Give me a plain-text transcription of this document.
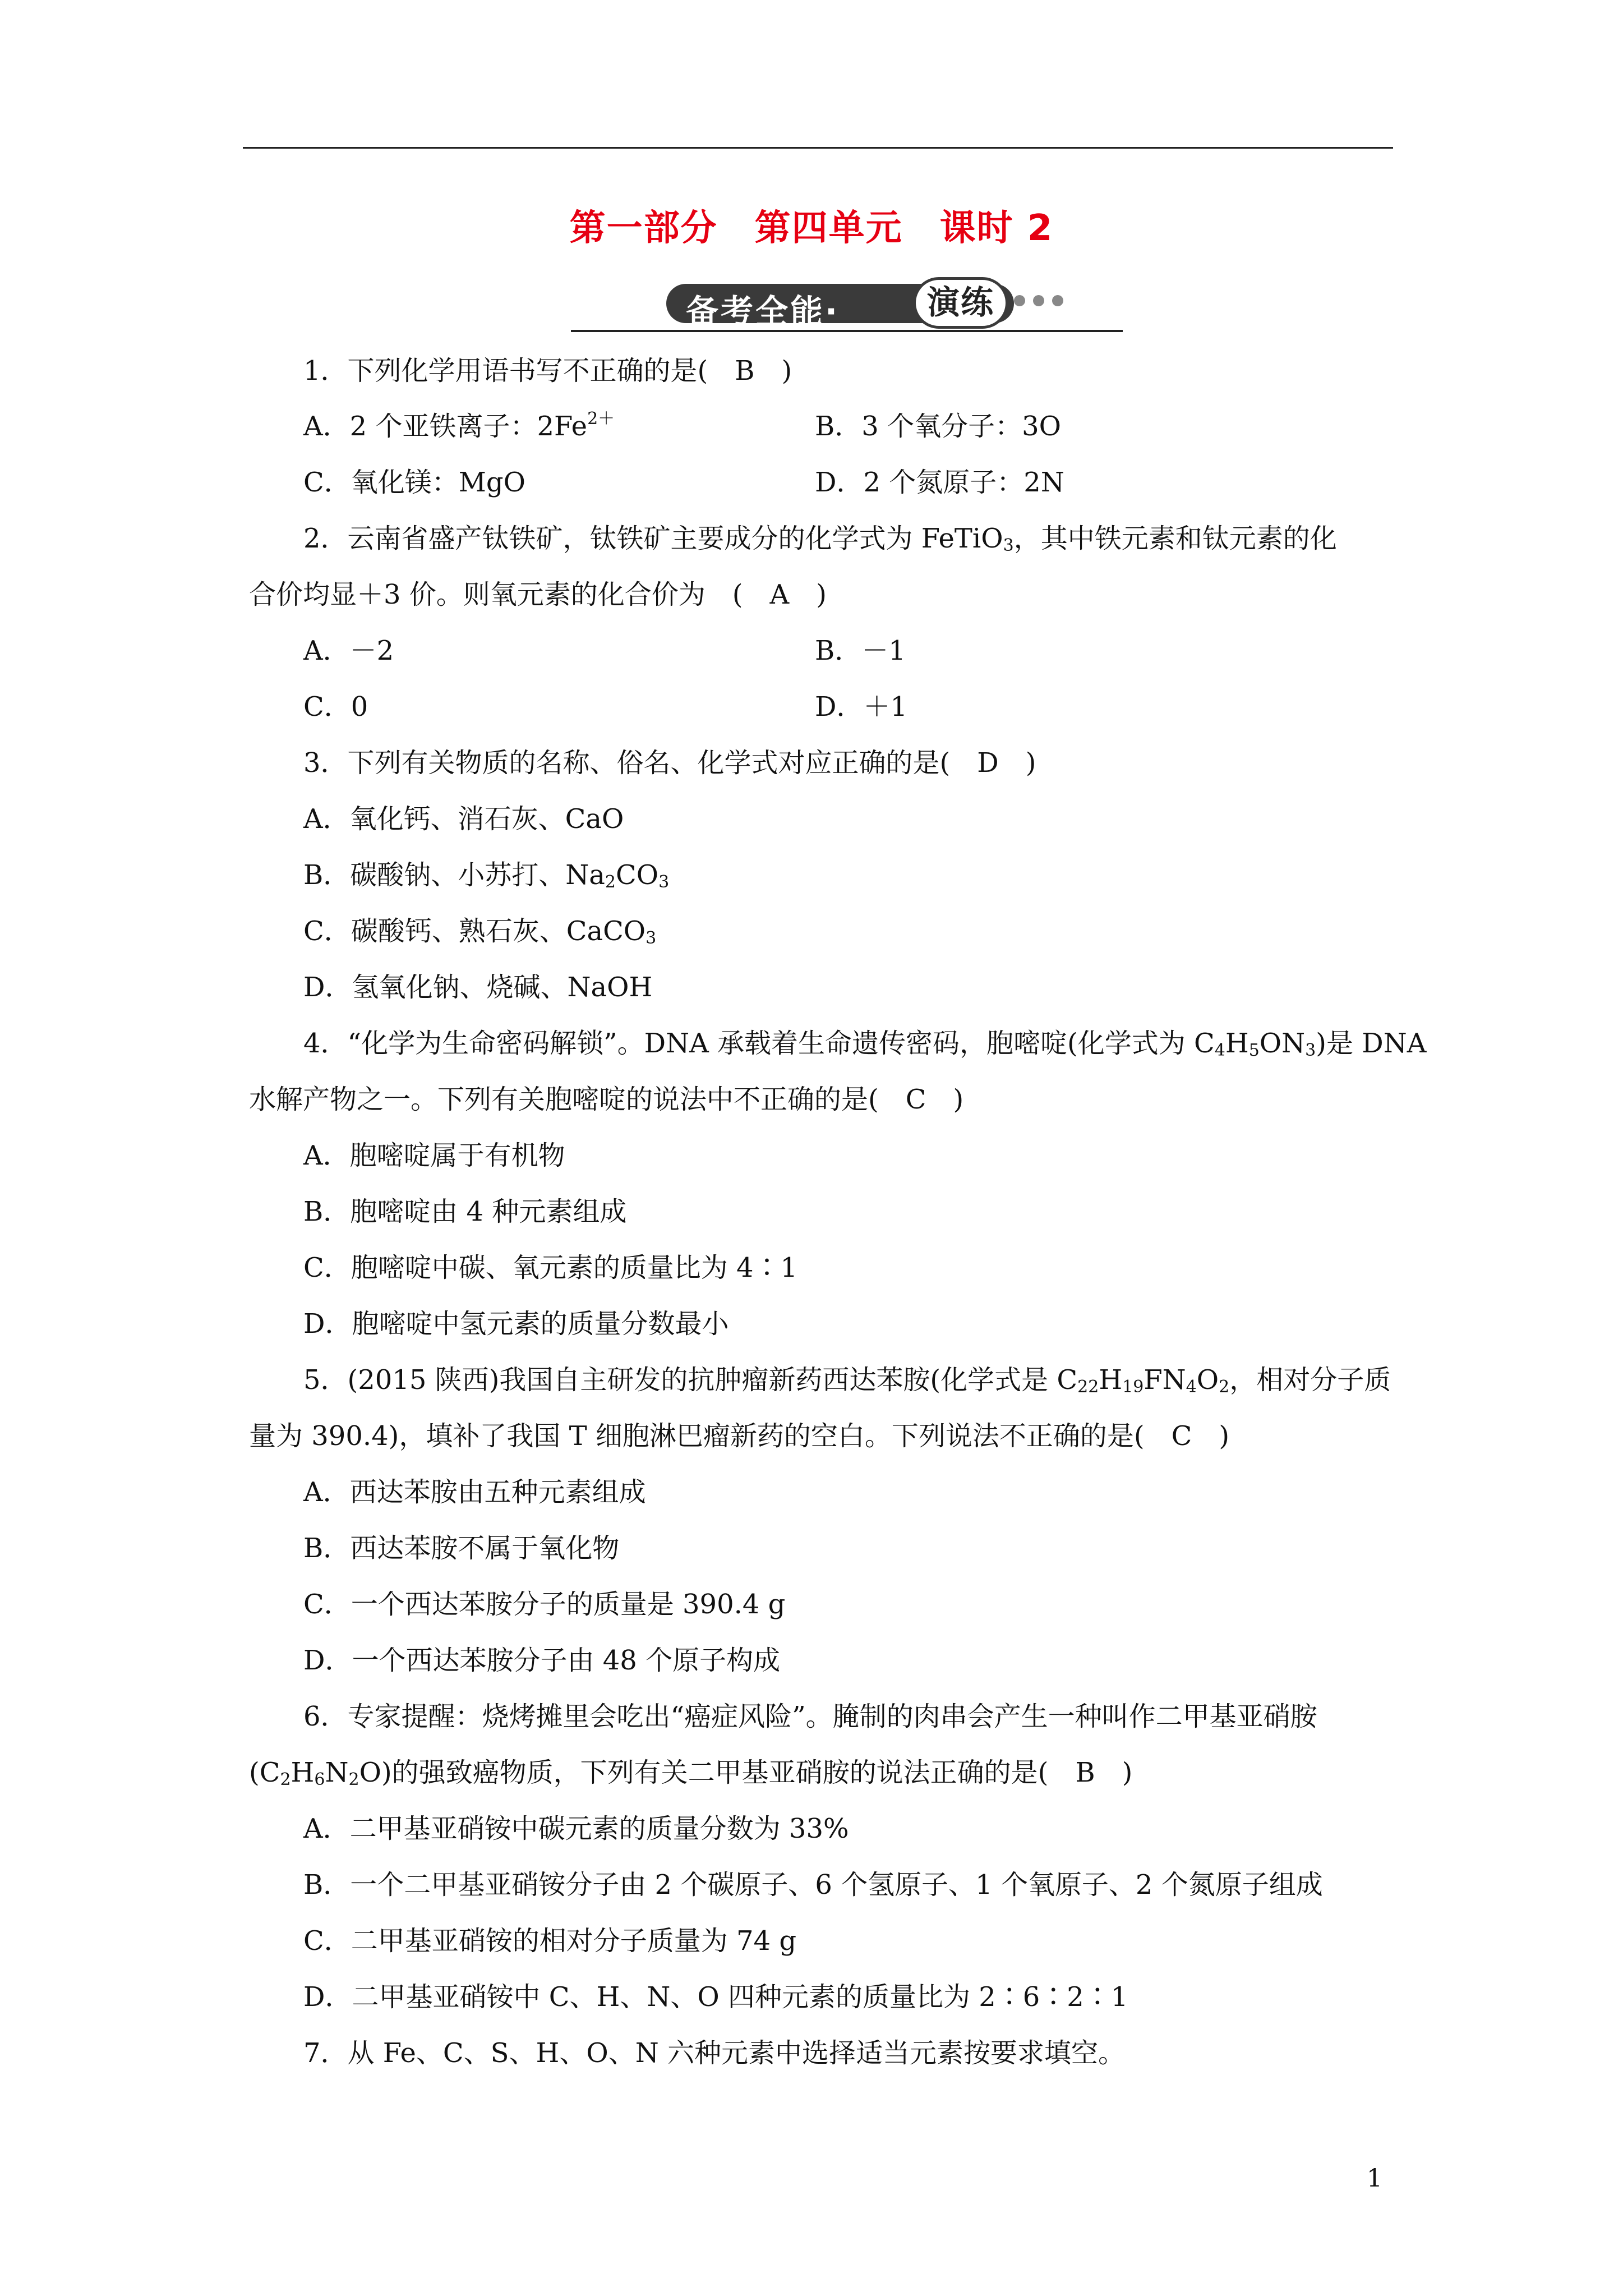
第一部分　第四单元　课时 2
备考全能·	演练
1．下列化学用语书写不正确的是(　B　)
A．2 个亚铁离子：$2Fe^{2+}$	B．3 个氧分子：3O
C．氧化镁：MgO	D．2 个氮原子：2N
2．云南省盛产钛铁矿，钛铁矿主要成分的化学式为 FeTiO$_3$，其中铁元素和钛元素的化
合价均显＋3 价。则氧元素的化合价为　(　A　)
A．－2	B．－1
C．0	D．＋1
3．下列有关物质的名称、俗名、化学式对应正确的是(　D　)
A．氧化钙、消石灰、CaO
B．碳酸钠、小苏打、$Na_2CO_3$
C．碳酸钙、熟石灰、CaCO$_3$
D．氢氧化钠、烧碱、NaOH
4．“化学为生命密码解锁”。DNA 承载着生命遗传密码，胞嘧啶(化学式为 $C_4H_5ON_3$)是 DNA
水解产物之一。下列有关胞嘧啶的说法中不正确的是(　C　)
A．胞嘧啶属于有机物
B．胞嘧啶由 4 种元素组成
C．胞嘧啶中碳、氧元素的质量比为 4∶1
D．胞嘧啶中氢元素的质量分数最小
5．(2015 陕西)我国自主研发的抗肿瘤新药西达苯胺(化学式是 $C_{22}H_{19}FN_4O_2$，相对分子质
量为 390.4)，填补了我国 T 细胞淋巴瘤新药的空白。下列说法不正确的是(　C　)
A．西达苯胺由五种元素组成
B．西达苯胺不属于氧化物
C．一个西达苯胺分子的质量是 390.4 g
D．一个西达苯胺分子由 48 个原子构成
6．专家提醒：烧烤摊里会吃出“癌症风险”。腌制的肉串会产生一种叫作二甲基亚硝胺
$(C_2H_6N_2O)$的强致癌物质，下列有关二甲基亚硝胺的说法正确的是(　B　)
A．二甲基亚硝铵中碳元素的质量分数为 33%
B．一个二甲基亚硝铵分子由 2 个碳原子、6 个氢原子、1 个氧原子、2 个氮原子组成
C．二甲基亚硝铵的相对分子质量为 74 g
D．二甲基亚硝铵中 C、H、N、O 四种元素的质量比为 2∶6∶2∶1
7．从 Fe、C、S、H、O、N 六种元素中选择适当元素按要求填空。
1
